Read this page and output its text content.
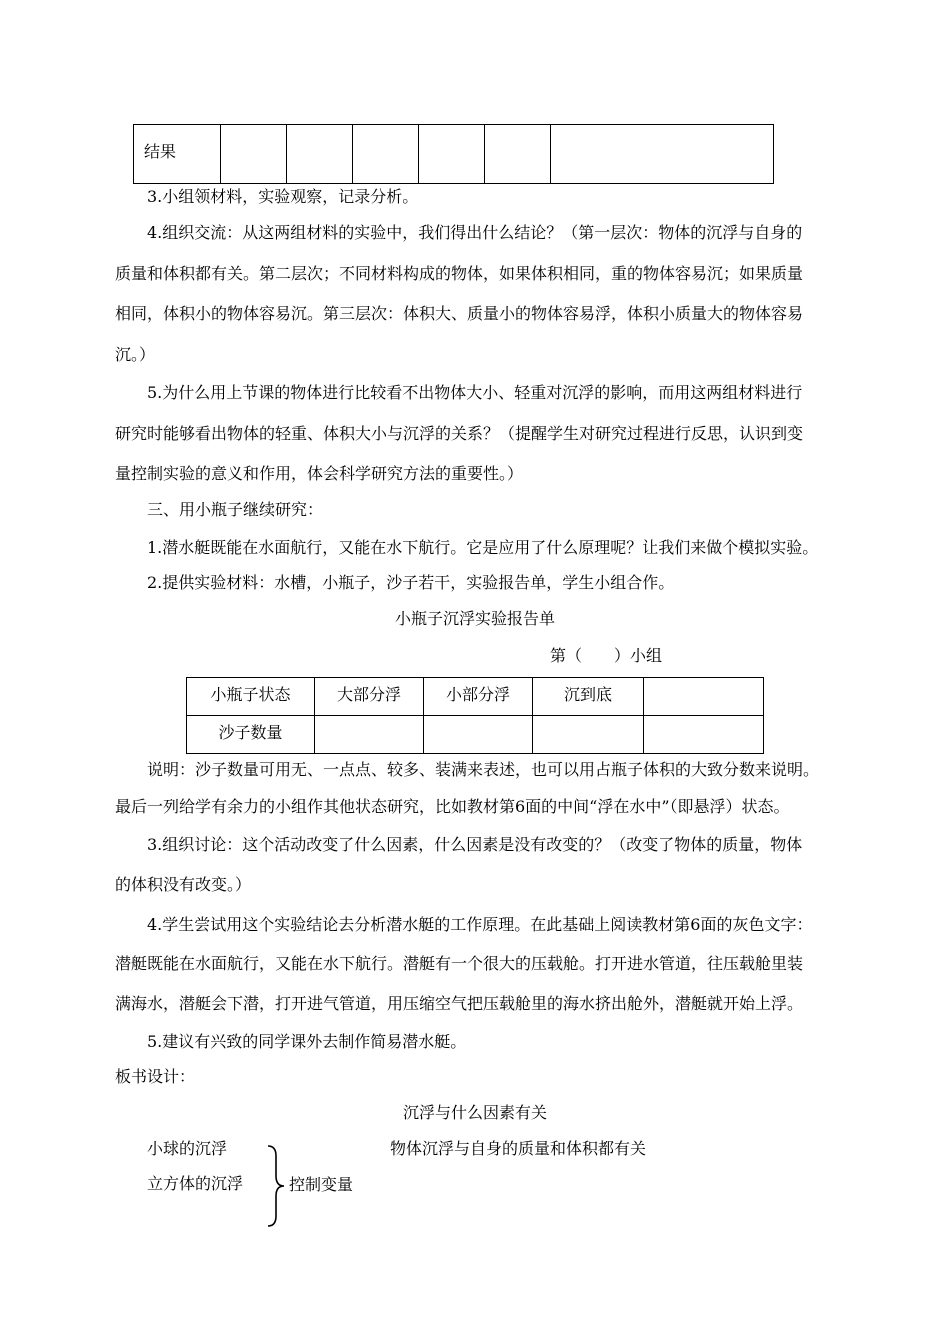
结果						
3.小组领材料，实验观察，记录分析。
4.组织交流：从这两组材料的实验中，我们得出什么结论？（第一层次：物体的沉浮与自身的
质量和体积都有关。第二层次；不同材料构成的物体，如果体积相同，重的物体容易沉；如果质量
相同，体积小的物体容易沉。第三层次：体积大、质量小的物体容易浮，体积小质量大的物体容易
沉。）
5.为什么用上节课的物体进行比较看不出物体大小、轻重对沉浮的影响，而用这两组材料进行
研究时能够看出物体的轻重、体积大小与沉浮的关系？（提醒学生对研究过程进行反思，认识到变
量控制实验的意义和作用，体会科学研究方法的重要性。）
三、用小瓶子继续研究：
1.潜水艇既能在水面航行，又能在水下航行。它是应用了什么原理呢？让我们来做个模拟实验。
2.提供实验材料：水槽，小瓶子，沙子若干，实验报告单，学生小组合作。
小瓶子沉浮实验报告单
第（　　）小组
小瓶子状态	大部分浮	小部分浮	沉到底	
沙子数量				
说明：沙子数量可用无、一点点、较多、装满来表述，也可以用占瓶子体积的大致分数来说明。
最后一列给学有余力的小组作其他状态研究，比如教材第6面的中间“浮在水中”（即悬浮）状态。
3.组织讨论：这个活动改变了什么因素，什么因素是没有改变的？（改变了物体的质量，物体
的体积没有改变。）
4.学生尝试用这个实验结论去分析潜水艇的工作原理。在此基础上阅读教材第6面的灰色文字：
潜艇既能在水面航行，又能在水下航行。潜艇有一个很大的压载舱。打开进水管道，往压载舱里装
满海水，潜艇会下潜，打开进气管道，用压缩空气把压载舱里的海水挤出舱外，潜艇就开始上浮。
5.建议有兴致的同学课外去制作简易潜水艇。
板书设计：
沉浮与什么因素有关
小球的沉浮
立方体的沉浮	控制变量
物体沉浮与自身的质量和体积都有关
